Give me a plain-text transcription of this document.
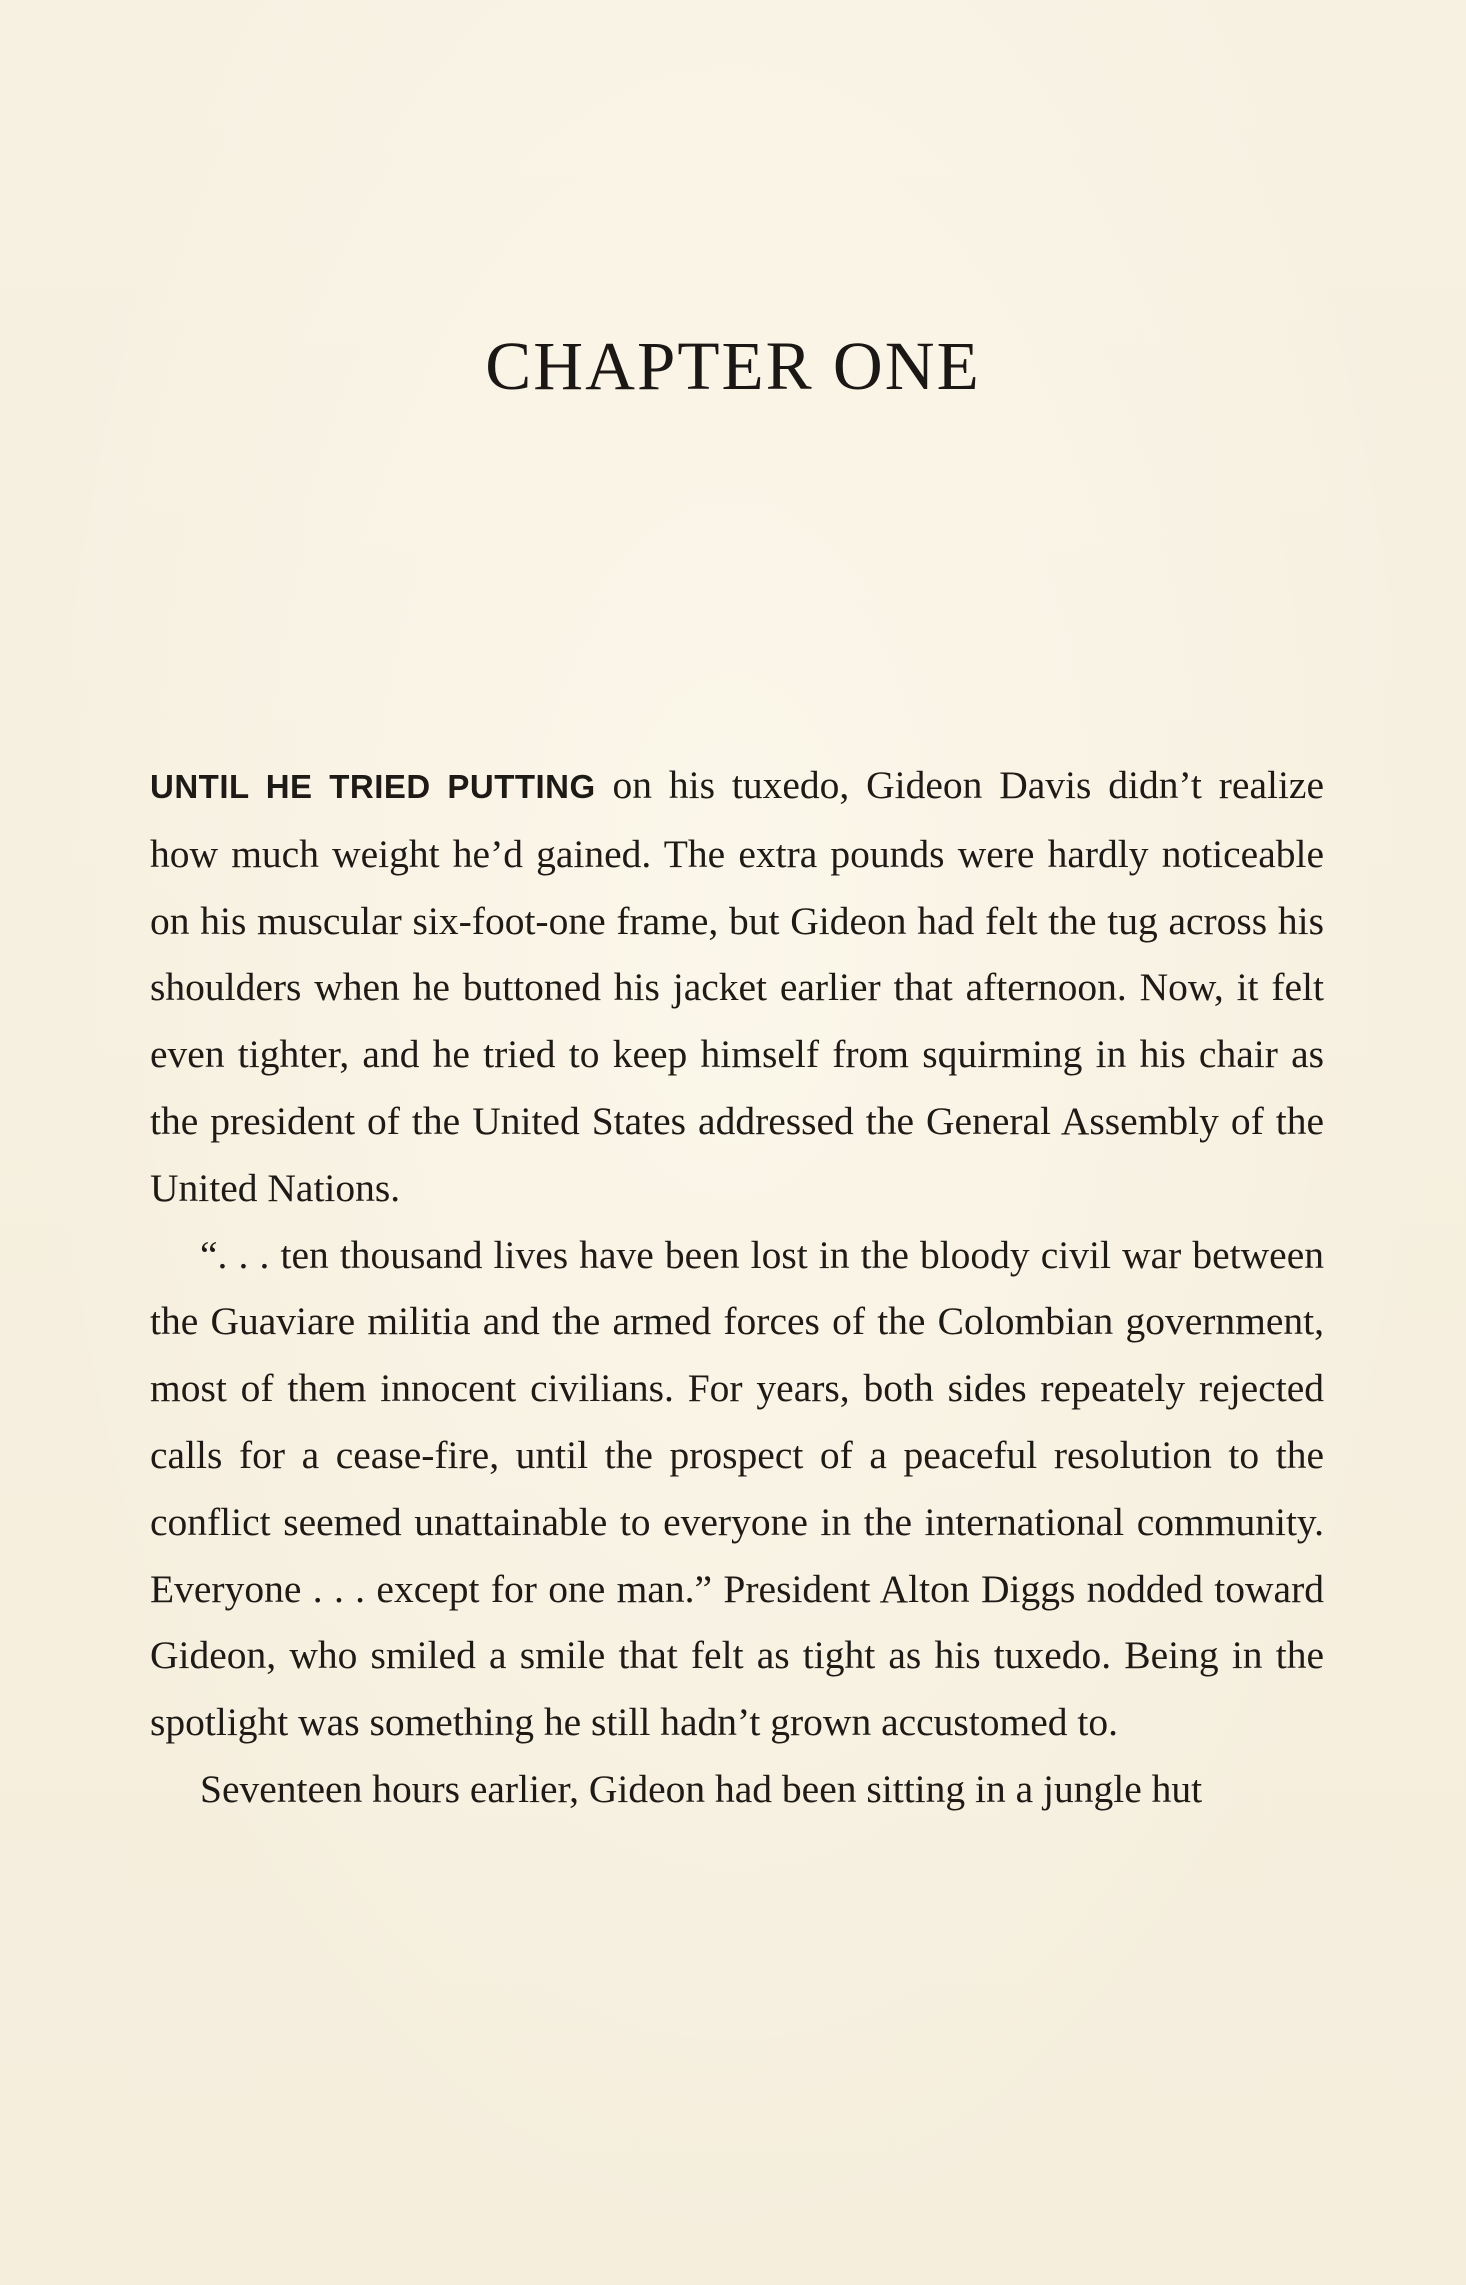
CHAPTER ONE

UNTIL HE TRIED PUTTING on his tuxedo, Gideon Davis didn’t realize how much weight he’d gained. The extra pounds were hardly noticeable on his muscular six-foot-one frame, but Gideon had felt the tug across his shoulders when he buttoned his jacket earlier that afternoon. Now, it felt even tighter, and he tried to keep himself from squirming in his chair as the president of the United States addressed the General Assembly of the United Nations.

“. . . ten thousand lives have been lost in the bloody civil war between the Guaviare militia and the armed forces of the Colombian government, most of them innocent civilians. For years, both sides repeately rejected calls for a cease-fire, until the prospect of a peaceful resolution to the conflict seemed unattainable to everyone in the international community. Everyone . . . except for one man.” President Alton Diggs nodded toward Gideon, who smiled a smile that felt as tight as his tuxedo. Being in the spotlight was something he still hadn’t grown accustomed to.

Seventeen hours earlier, Gideon had been sitting in a jungle hut
